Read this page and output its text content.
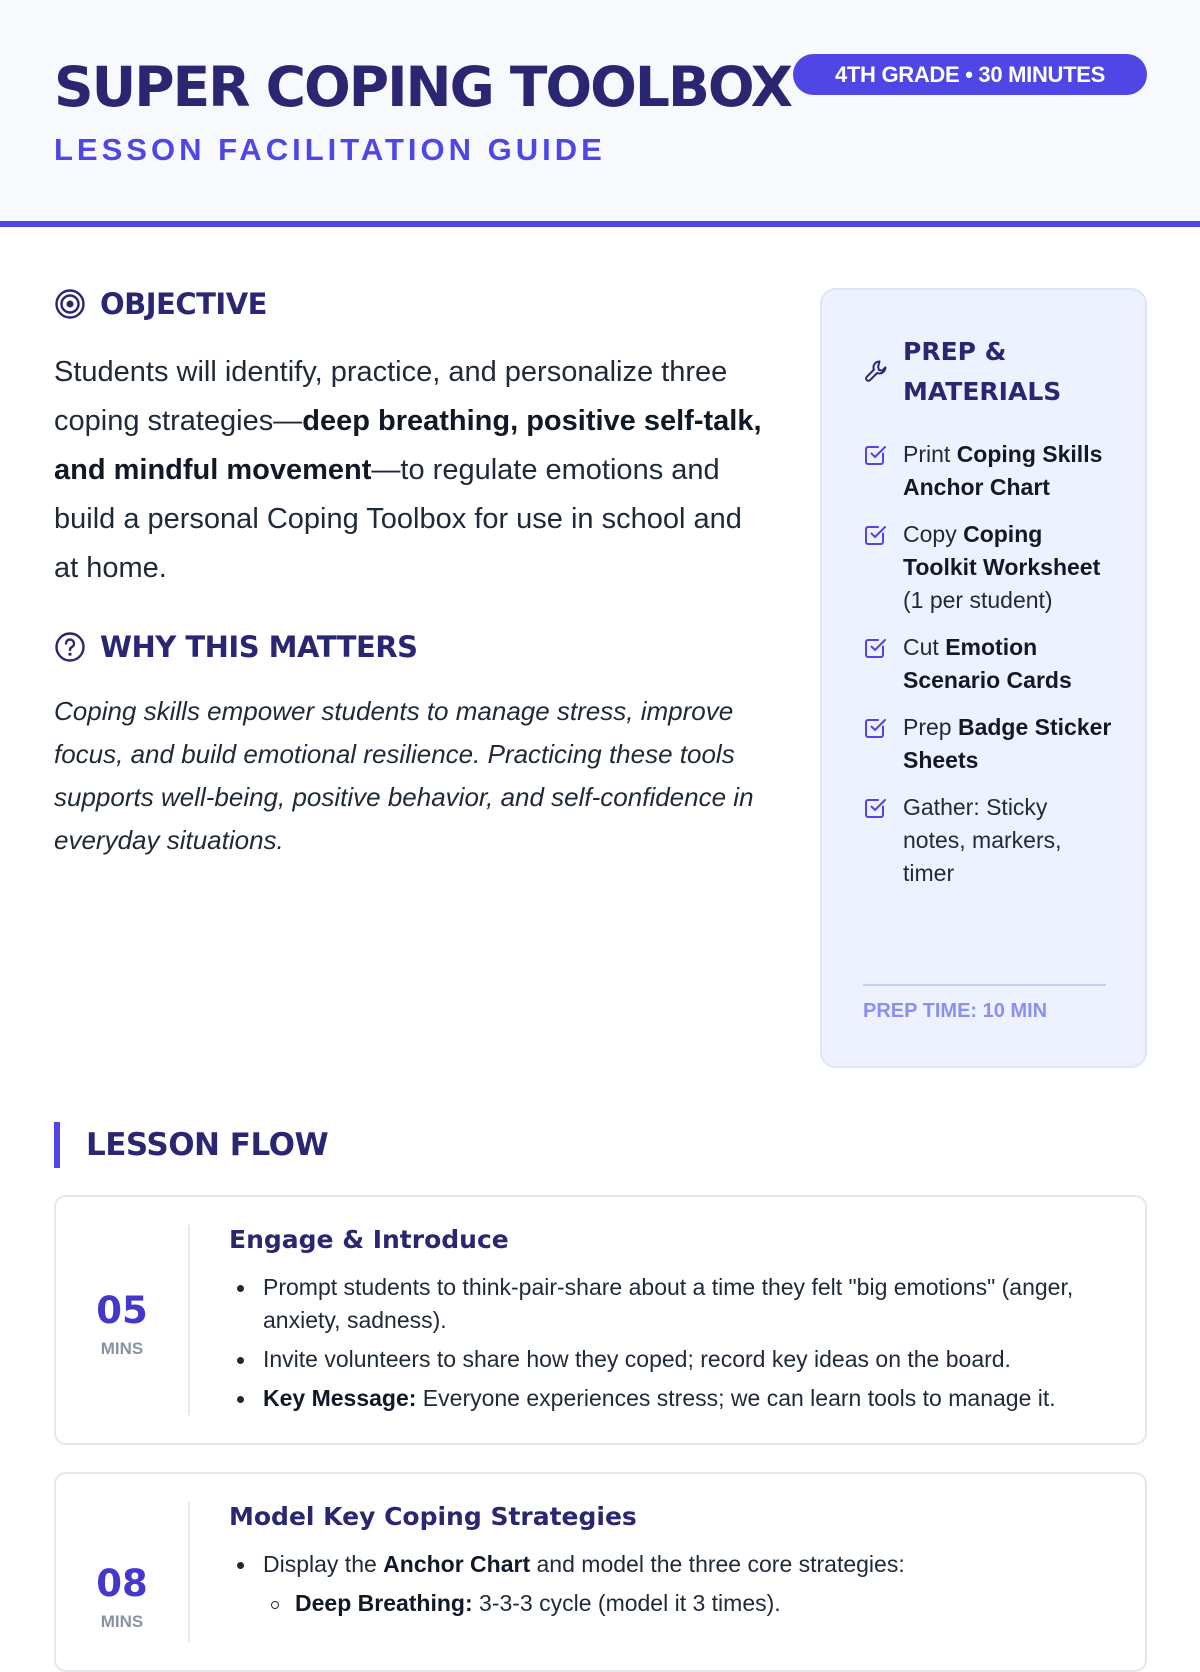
SUPER COPING TOOLBOX	4TH GRADE • 30 MINUTES
LESSON FACILITATION GUIDE
OBJECTIVE
Students will identify, practice, and personalize three coping strategies—deep breathing, positive self-talk, and mindful movement—to regulate emotions and build a personal Coping Toolbox for use in school and at home.
WHY THIS MATTERS
Coping skills empower students to manage stress, improve focus, and build emotional resilience. Practicing these tools supports well-being, positive behavior, and self-confidence in everyday situations.
PREP & MATERIALS
Print Coping Skills Anchor Chart
Copy Coping Toolkit Worksheet (1 per student)
Cut Emotion Scenario Cards
Prep Badge Sticker Sheets
Gather: Sticky notes, markers, timer
PREP TIME: 10 MIN
LESSON FLOW
05
MINS
Engage & Introduce
Prompt students to think-pair-share about a time they felt "big emotions" (anger, anxiety, sadness).
Invite volunteers to share how they coped; record key ideas on the board.
Key Message: Everyone experiences stress; we can learn tools to manage it.
08
MINS
Model Key Coping Strategies
Display the Anchor Chart and model the three core strategies:
Deep Breathing: 3-3-3 cycle (model it 3 times).
